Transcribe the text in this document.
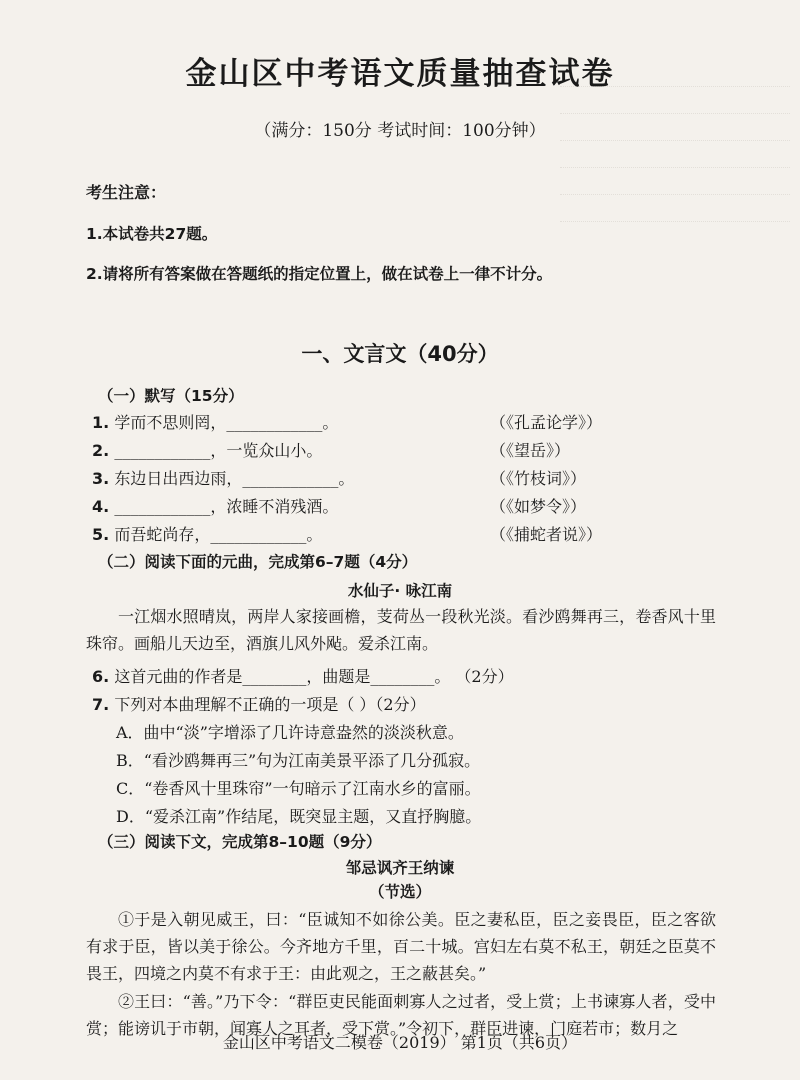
金山区中考语文质量抽查试卷
（满分：150分 考试时间：100分钟）
考生注意：
1.本试卷共27题。
2.请将所有答案做在答题纸的指定位置上，做在试卷上一律不计分。
一、文言文（40分）
（一）默写（15分）
1. 学而不思则罔，____________。	（《孔孟论学》）
2. ____________，一览众山小。	（《望岳》）
3. 东边日出西边雨，____________。	（《竹枝词》）
4. ____________，浓睡不消残酒。	（《如梦令》）
5. 而吾蛇尚存，____________。	（《捕蛇者说》）
（二）阅读下面的元曲，完成第6–7题（4分）
水仙子· 咏江南
一江烟水照晴岚，两岸人家接画檐，芰荷丛一段秋光淡。看沙鸥舞再三，卷香风十里珠帘。画船儿天边至，酒旗儿风外飐。爱杀江南。
6. 这首元曲的作者是________，曲题是________。 （2分）
7. 下列对本曲理解不正确的一项是（ ）（2分）
A．曲中“淡”字增添了几许诗意盎然的淡淡秋意。
B．“看沙鸥舞再三”句为江南美景平添了几分孤寂。
C．“卷香风十里珠帘”一句暗示了江南水乡的富丽。
D．“爱杀江南”作结尾，既突显主题，又直抒胸臆。
（三）阅读下文，完成第8–10题（9分）
邹忌讽齐王纳谏
（节选）
①于是入朝见威王，曰：“臣诚知不如徐公美。臣之妻私臣，臣之妾畏臣，臣之客欲有求于臣，皆以美于徐公。今齐地方千里，百二十城。宫妇左右莫不私王，朝廷之臣莫不畏王，四境之内莫不有求于王：由此观之，王之蔽甚矣。”
②王曰：“善。”乃下令：“群臣吏民能面刺寡人之过者，受上赏；上书谏寡人者，受中赏；能谤讥于市朝，闻寡人之耳者，受下赏。”令初下，群臣进谏，门庭若市；数月之
金山区中考语文二模卷（2019） 第1页（共6页）
